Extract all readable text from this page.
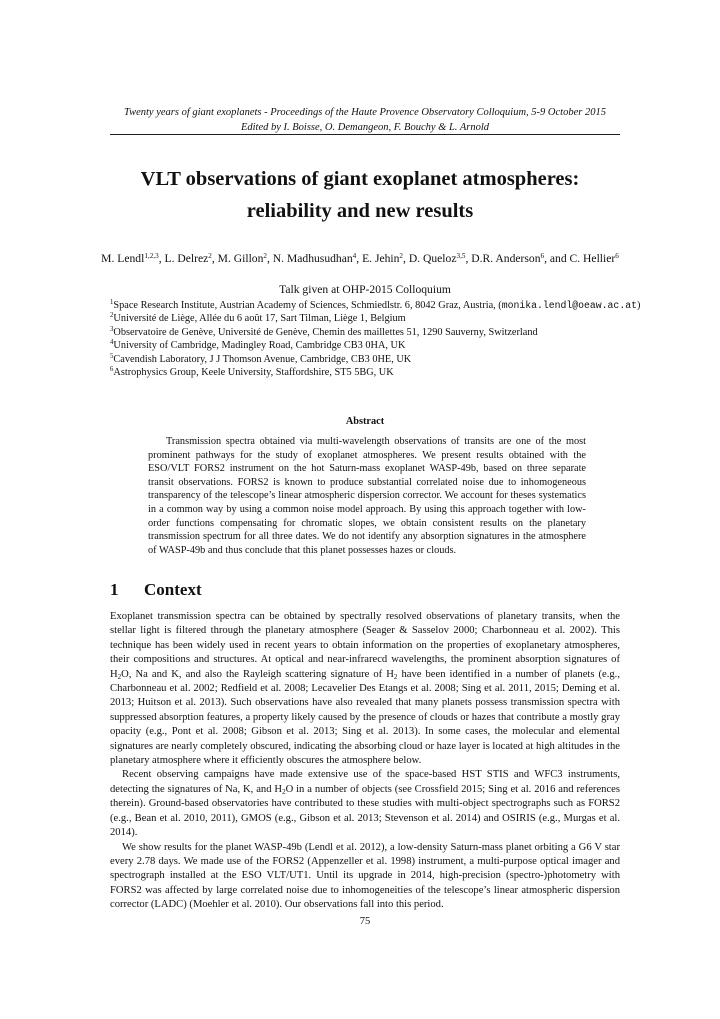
Twenty years of giant exoplanets - Proceedings of the Haute Provence Observatory Colloquium, 5-9 October 2015
Edited by I. Boisse, O. Demangeon, F. Bouchy & L. Arnold
VLT observations of giant exoplanet atmospheres:
reliability and new results
M. Lendl$^{1,2,3}$, L. Delrez$^2$, M. Gillon$^2$, N. Madhusudhan$^4$, E. Jehin$^2$, D. Queloz$^{3,5}$, D.R. Anderson$^6$, and C. Hellier$^6$
Talk given at OHP-2015 Colloquium
$^1$Space Research Institute, Austrian Academy of Sciences, Schmiedlstr. 6, 8042 Graz, Austria, (monika.lendl@oeaw.ac.at)
$^2$Université de Liège, Allée du 6 août 17, Sart Tilman, Liège 1, Belgium
$^3$Observatoire de Genève, Université de Genève, Chemin des maillettes 51, 1290 Sauverny, Switzerland
$^4$University of Cambridge, Madingley Road, Cambridge CB3 0HA, UK
$^5$Cavendish Laboratory, J J Thomson Avenue, Cambridge, CB3 0HE, UK
$^6$Astrophysics Group, Keele University, Staffordshire, ST5 5BG, UK
Abstract

Transmission spectra obtained via multi-wavelength observations of transits are one of the most prominent pathways for the study of exoplanet atmospheres. We present results obtained with the ESO/VLT FORS2 instrument on the hot Saturn-mass exoplanet WASP-49b, based on three separate transit observations. FORS2 is known to produce substantial correlated noise due to inhomogeneous transparency of the telescope’s linear atmospheric dispersion corrector. We account for theses systematics in a common way by using a common noise model approach. By using this approach together with low-order functions compensating for chromatic slopes, we obtain consistent results on the planetary transmission spectrum for all three dates. We do not identify any absorption signatures in the atmosphere of WASP-49b and thus conclude that this planet possesses hazes or clouds.

1 Context

Exoplanet transmission spectra can be obtained by spectrally resolved observations of planetary transits, when the stellar light is filtered through the planetary atmosphere (Seager & Sasselov 2000; Charbonneau et al. 2002). This technique has been widely used in recent years to obtain information on the properties of exoplanetary atmospheres, their compositions and structures. At optical and near-infrarecd wavelengths, the prominent absorption signatures of $H_2O$, Na and K, and also the Rayleigh scattering signature of $H_2$ have been identified in a number of planets (e.g., Charbonneau et al. 2002; Redfield et al. 2008; Lecavelier Des Etangs et al. 2008; Sing et al. 2011, 2015; Deming et al. 2013; Huitson et al. 2013). Such observations have also revealed that many planets possess transmission spectra with suppressed absorption features, a property likely caused by the presence of clouds or hazes that contribute a mostly gray opacity (e.g., Pont et al. 2008; Gibson et al. 2013; Sing et al. 2013). In some cases, the molecular and elemental signatures are nearly completely obscured, indicating the absorbing cloud or haze layer is located at high altitudes in the planetary atmosphere where it efficiently obscures the atmosphere below.

Recent observing campaigns have made extensive use of the space-based HST STIS and WFC3 instruments, detecting the signatures of Na, K, and $H_2O$ in a number of objects (see Crossfield 2015; Sing et al. 2016 and references therein). Ground-based observatories have contributed to these studies with multi-object spectrographs such as FORS2 (e.g., Bean et al. 2010, 2011), GMOS (e.g., Gibson et al. 2013; Stevenson et al. 2014) and OSIRIS (e.g., Murgas et al. 2014).

We show results for the planet WASP-49b (Lendl et al. 2012), a low-density Saturn-mass planet orbiting a G6 V star every 2.78 days. We made use of the FORS2 (Appenzeller et al. 1998) instrument, a multi-purpose optical imager and spectrograph installed at the ESO VLT/UT1. Until its upgrade in 2014, high-precision (spectro-)photometry with FORS2 was affected by large correlated noise due to inhomogeneities of the telescope’s linear atmospheric dispersion corrector (LADC) (Moehler et al. 2010). Our observations fall into this period.

75
